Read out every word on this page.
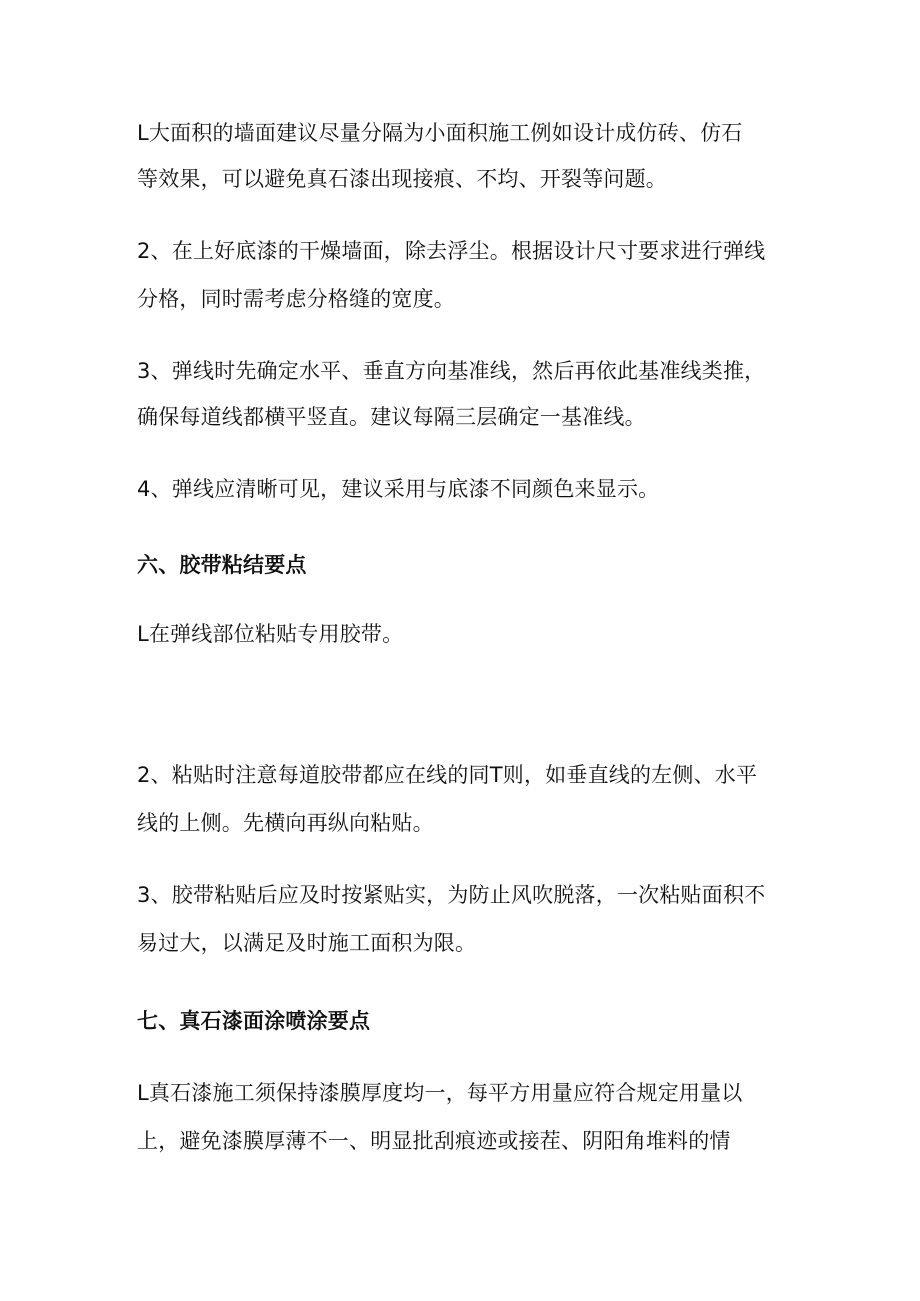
L大面积的墙面建议尽量分隔为小面积施工例如设计成仿砖、仿石
等效果，可以避免真石漆出现接痕、不均、开裂等问题。
2、在上好底漆的干燥墙面，除去浮尘。根据设计尺寸要求进行弹线
分格，同时需考虑分格缝的宽度。
3、弹线时先确定水平、垂直方向基准线，然后再依此基准线类推，
确保每道线都横平竖直。建议每隔三层确定一基准线。
4、弹线应清晰可见，建议采用与底漆不同颜色来显示。
六、胶带粘结要点
L在弹线部位粘贴专用胶带。
2、粘贴时注意每道胶带都应在线的同T则，如垂直线的左侧、水平
线的上侧。先横向再纵向粘贴。
3、胶带粘贴后应及时按紧贴实，为防止风吹脱落，一次粘贴面积不
易过大，以满足及时施工面积为限。
七、真石漆面涂喷涂要点
L真石漆施工须保持漆膜厚度均一，每平方用量应符合规定用量以
上，避免漆膜厚薄不一、明显批刮痕迹或接茬、阴阳角堆料的情
